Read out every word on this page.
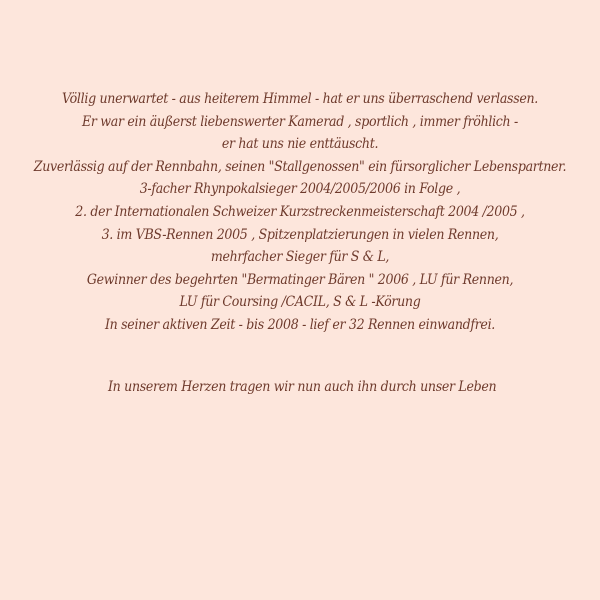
Völlig unerwartet - aus heiterem Himmel - hat er uns überraschend verlassen.
Er war ein äußerst liebenswerter Kamerad , sportlich , immer fröhlich -
er hat uns nie enttäuscht.
Zuverlässig auf der Rennbahn, seinen "Stallgenossen" ein fürsorglicher Lebenspartner.
3-facher Rhynpokalsieger 2004/2005/2006 in Folge ,
2. der Internationalen Schweizer Kurzstreckenmeisterschaft 2004 /2005 ,
3. im VBS-Rennen 2005 , Spitzenplatzierungen in vielen Rennen,
mehrfacher Sieger für S & L,
Gewinner des begehrten "Bermatinger Bären " 2006 , LU für Rennen,
LU für Coursing /CACIL, S & L -Körung
In seiner aktiven Zeit - bis 2008 - lief er 32 Rennen einwandfrei.
In unserem Herzen tragen wir nun auch ihn durch unser Leben
